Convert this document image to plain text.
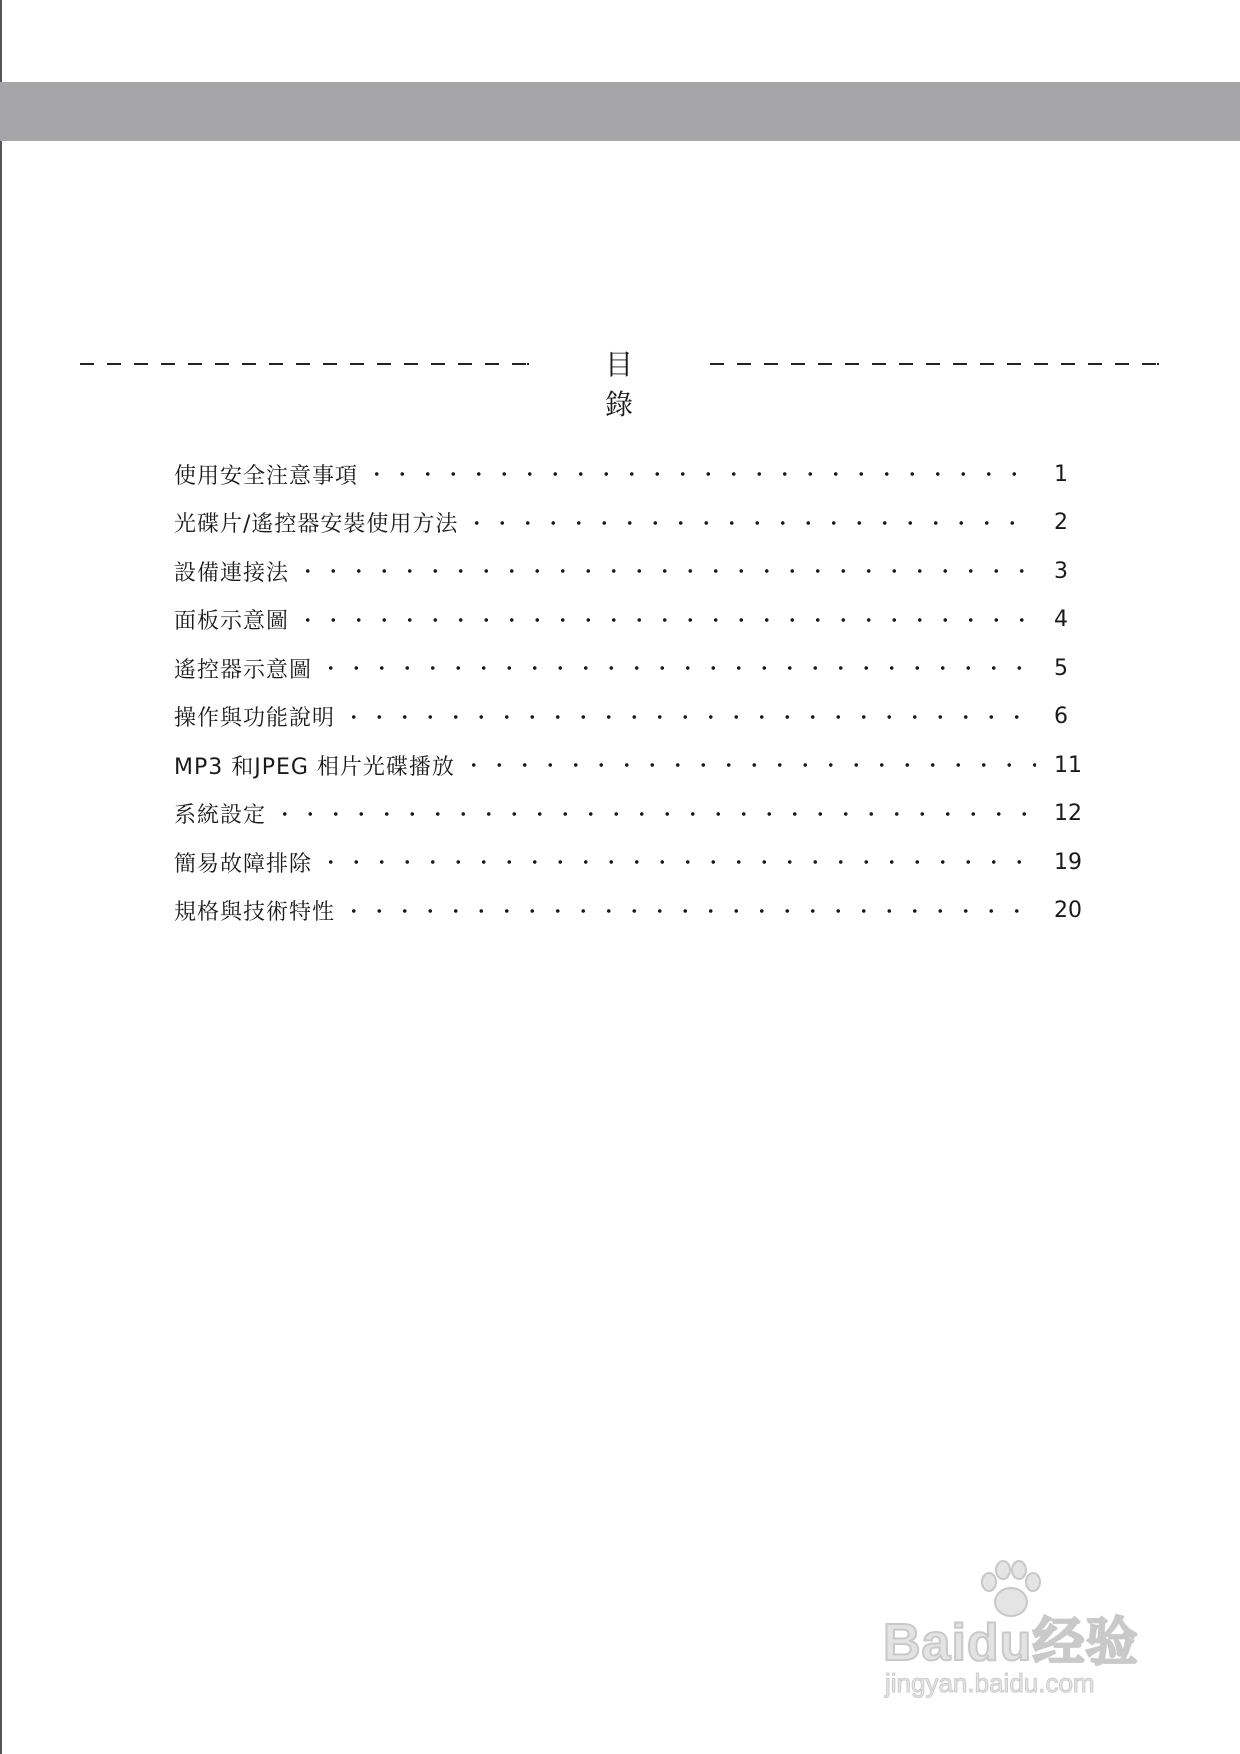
目 錄
使用安全注意事項	1
光碟片/遙控器安裝使用方法	2
設備連接法	3
面板示意圖	4
遙控器示意圖	5
操作與功能說明	6
MP3 和JPEG 相片光碟播放	11
系統設定	12
簡易故障排除	19
規格與技術特性	20
Baidu经验
jingyan.baidu.com
